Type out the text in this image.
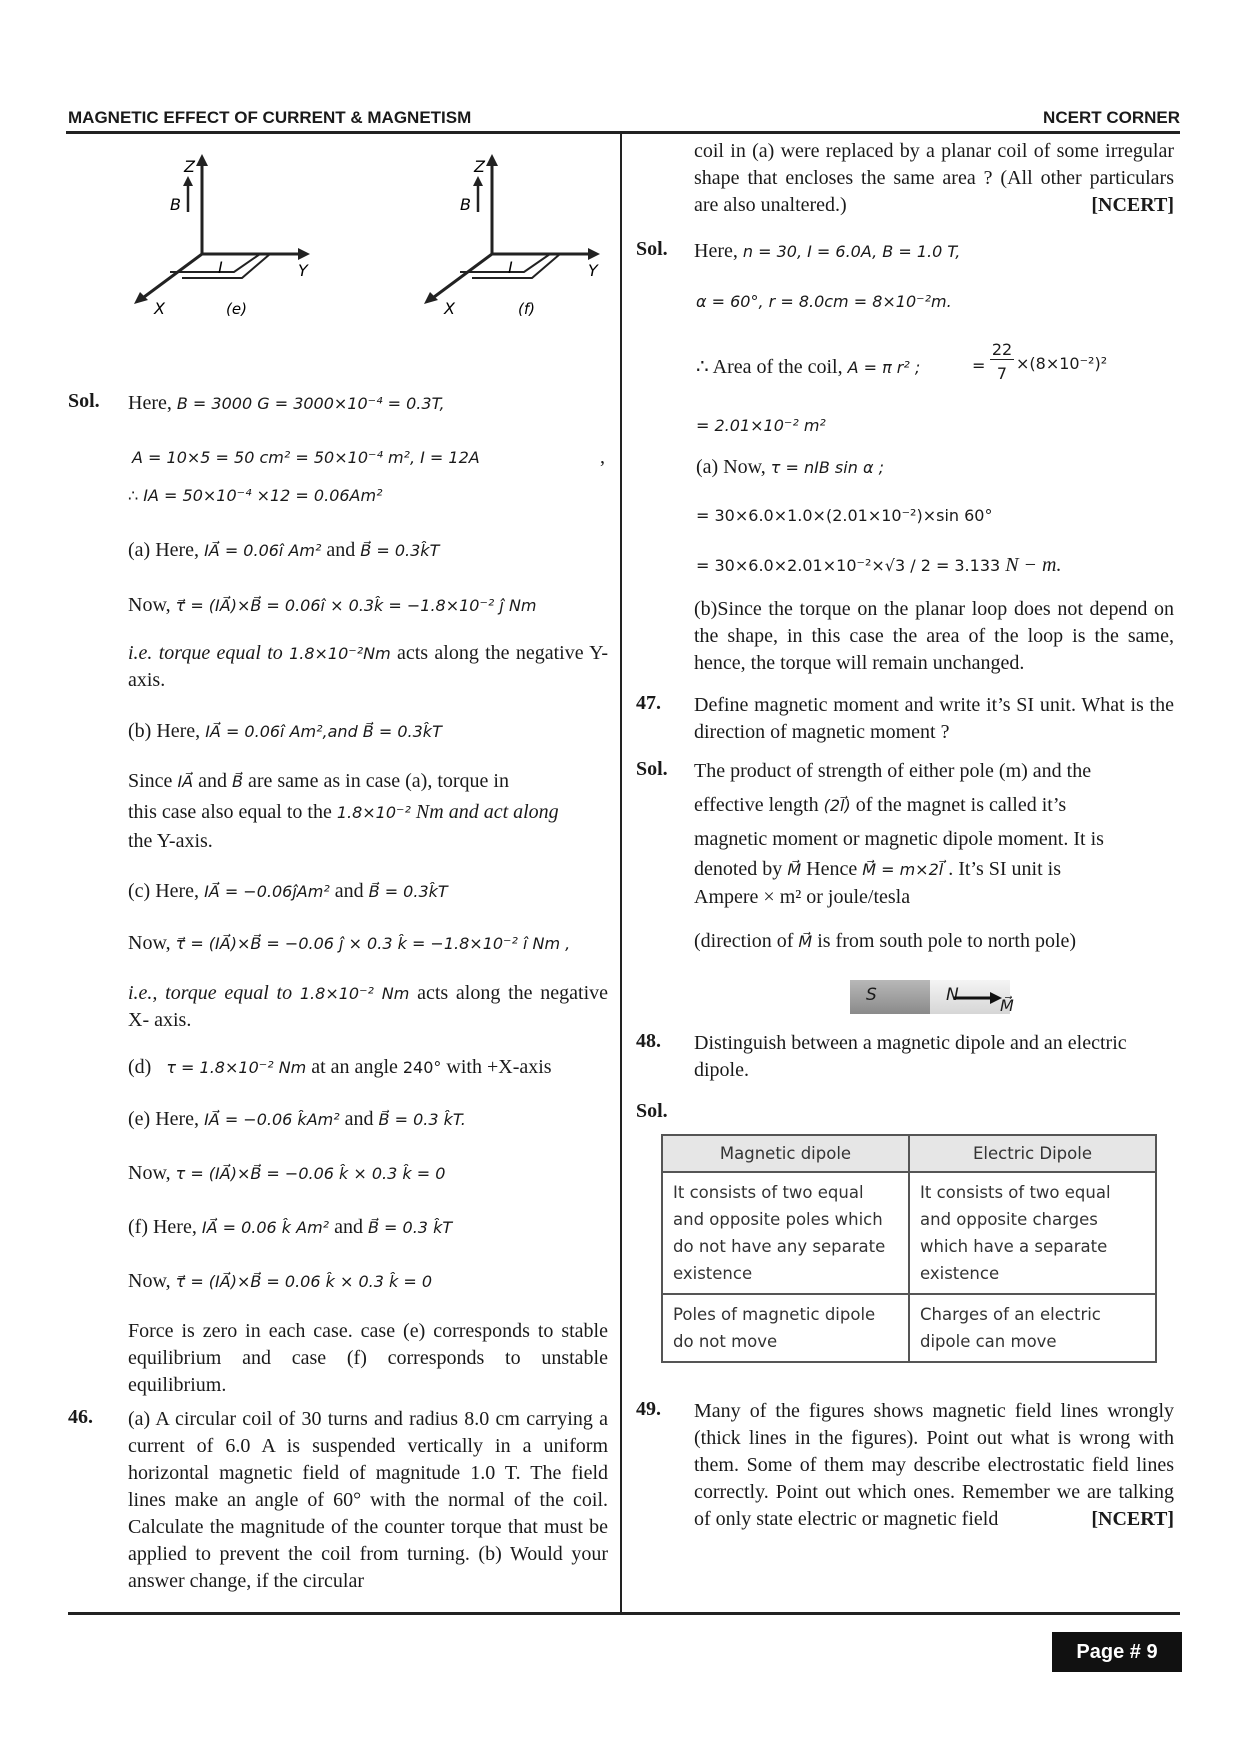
MAGNETIC EFFECT OF CURRENT & MAGNETISM	NCERT CORNER
Z
B
I	Y
X	(e)
Z
B
I	Y
X	(f)
Sol. Here, B = 3000 G = 3000×10⁻⁴ = 0.3T,
A = 10×5 = 50 cm² = 50×10⁻⁴ m², I = 12A	,
∴ IA = 50×10⁻⁴ ×12 = 0.06Am²
(a) Here, IA⃗ = 0.06î Am² and B⃗ = 0.3k̂T
Now, τ⃗ = (IA⃗)×B⃗ = 0.06î × 0.3k̂ = −1.8×10⁻² ĵ Nm
i.e. torque equal to 1.8×10⁻²Nm acts along the negative Y- axis.
(b) Here, IA⃗ = 0.06î Am²,and B⃗ = 0.3k̂T
Since IA⃗ and B⃗ are same as in case (a), torque in
this case also equal to the 1.8×10⁻² Nm and act along
the Y-axis.
(c) Here, IA⃗ = −0.06ĵAm² and B⃗ = 0.3k̂T
Now, τ⃗ = (IA⃗)×B⃗ = −0.06 ĵ × 0.3 k̂ = −1.8×10⁻² î Nm ,
i.e., torque equal to 1.8×10⁻² Nm acts along the negative X- axis.
(d) τ = 1.8×10⁻² Nm at an angle 240° with +X-axis
(e) Here, IA⃗ = −0.06 k̂Am² and B⃗ = 0.3 k̂T.
Now, τ = (IA⃗)×B⃗ = −0.06 k̂ × 0.3 k̂ = 0
(f) Here, IA⃗ = 0.06 k̂ Am² and B⃗ = 0.3 k̂T
Now, τ⃗ = (IA⃗)×B⃗ = 0.06 k̂ × 0.3 k̂ = 0
Force is zero in each case. case (e) corresponds to stable equilibrium and case (f) corresponds to unstable equilibrium.
46. (a) A circular coil of 30 turns and radius 8.0 cm carrying a current of 6.0 A is suspended vertically in a uniform horizontal magnetic field of magnitude 1.0 T. The field lines make an angle of 60° with the normal of the coil. Calculate the magnitude of the counter torque that must be applied to prevent the coil from turning. (b) Would your answer change, if the circular
coil in (a) were replaced by a planar coil of some irregular shape that encloses the same area ? (All other particulars are also unaltered.)	[NCERT]
Sol. Here, n = 30, I = 6.0A, B = 1.0 T,
α = 60°, r = 8.0cm = 8×10⁻²m.
∴ Area of the coil, A = π r² ;	=
22
7
×(8×10⁻²)²
= 2.01×10⁻² m²
(a) Now, τ = nIB sin α ;
= 30×6.0×1.0×(2.01×10⁻²)×sin 60°
= 30×6.0×2.01×10⁻²×√3 / 2 = 3.133 N − m.
(b)Since the torque on the planar loop does not depend on the shape, in this case the area of the loop is the same, hence, the torque will remain unchanged.
47. Define magnetic moment and write it’s SI unit. What is the direction of magnetic moment ?
Sol. The product of strength of either pole (m) and the
effective length (2l⃗) of the magnet is called it’s
magnetic moment or magnetic dipole moment. It is
denoted by M⃗ Hence M⃗ = m×2l⃗ . It’s SI unit is
Ampere × m² or joule/tesla
(direction of M⃗ is from south pole to north pole)
S	N
M⃗
48. Distinguish between a magnetic dipole and an electric dipole.
Sol.
Magnetic dipole	Electric Dipole
It consists of two equal and opposite poles which do not have any separate existence	It consists of two equal and opposite charges which have a separate existence
Poles of magnetic dipole do not move	Charges of an electric dipole can move
49. Many of the figures shows magnetic field lines wrongly (thick lines in the figures). Point out what is wrong with them. Some of them may describe electrostatic field lines correctly. Point out which ones. Remember we are talking of only state electric or magnetic field	[NCERT]
Page # 9
